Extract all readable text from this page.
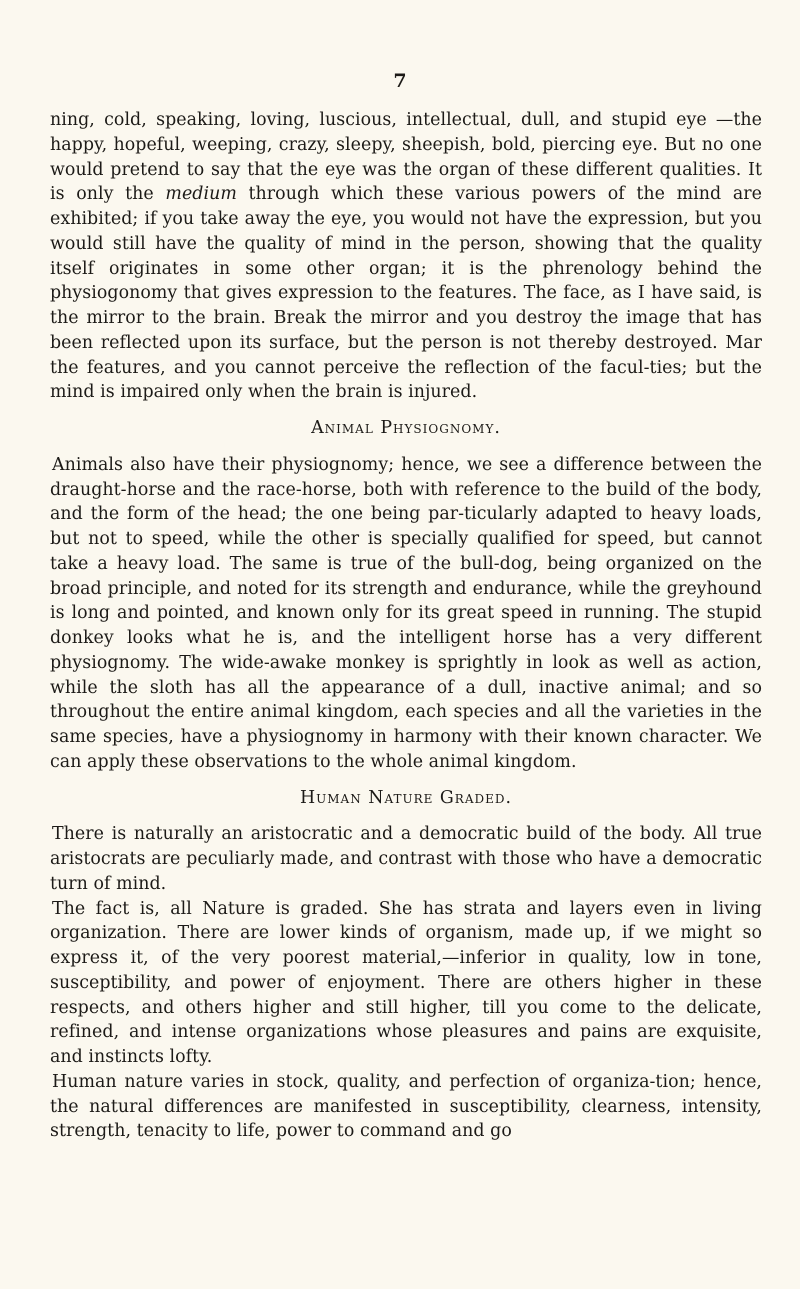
7

ning, cold, speaking, loving, luscious, intellectual, dull, and stupid eye —the happy, hopeful, weeping, crazy, sleepy, sheepish, bold, piercing eye. But no one would pretend to say that the eye was the organ of these different qualities. It is only the medium through which these various powers of the mind are exhibited; if you take away the eye, you would not have the expression, but you would still have the quality of mind in the person, showing that the quality itself originates in some other organ; it is the phrenology behind the physiogonomy that gives expression to the features. The face, as I have said, is the mirror to the brain. Break the mirror and you destroy the image that has been reflected upon its surface, but the person is not thereby destroyed. Mar the features, and you cannot perceive the reflection of the facul-ties; but the mind is impaired only when the brain is injured.

Animal Physiognomy.

Animals also have their physiognomy; hence, we see a difference between the draught-horse and the race-horse, both with reference to the build of the body, and the form of the head; the one being par-ticularly adapted to heavy loads, but not to speed, while the other is specially qualified for speed, but cannot take a heavy load. The same is true of the bull-dog, being organized on the broad principle, and noted for its strength and endurance, while the greyhound is long and pointed, and known only for its great speed in running. The stupid donkey looks what he is, and the intelligent horse has a very different physiognomy. The wide-awake monkey is sprightly in look as well as action, while the sloth has all the appearance of a dull, inactive animal; and so throughout the entire animal kingdom, each species and all the varieties in the same species, have a physiognomy in harmony with their known character. We can apply these observations to the whole animal kingdom.

Human Nature Graded.

There is naturally an aristocratic and a democratic build of the body. All true aristocrats are peculiarly made, and contrast with those who have a democratic turn of mind.

The fact is, all Nature is graded. She has strata and layers even in living organization. There are lower kinds of organism, made up, if we might so express it, of the very poorest material,—inferior in quality, low in tone, susceptibility, and power of enjoyment. There are others higher in these respects, and others higher and still higher, till you come to the delicate, refined, and intense organizations whose pleasures and pains are exquisite, and instincts lofty.

Human nature varies in stock, quality, and perfection of organiza-tion; hence, the natural differences are manifested in susceptibility, clearness, intensity, strength, tenacity to life, power to command and go
